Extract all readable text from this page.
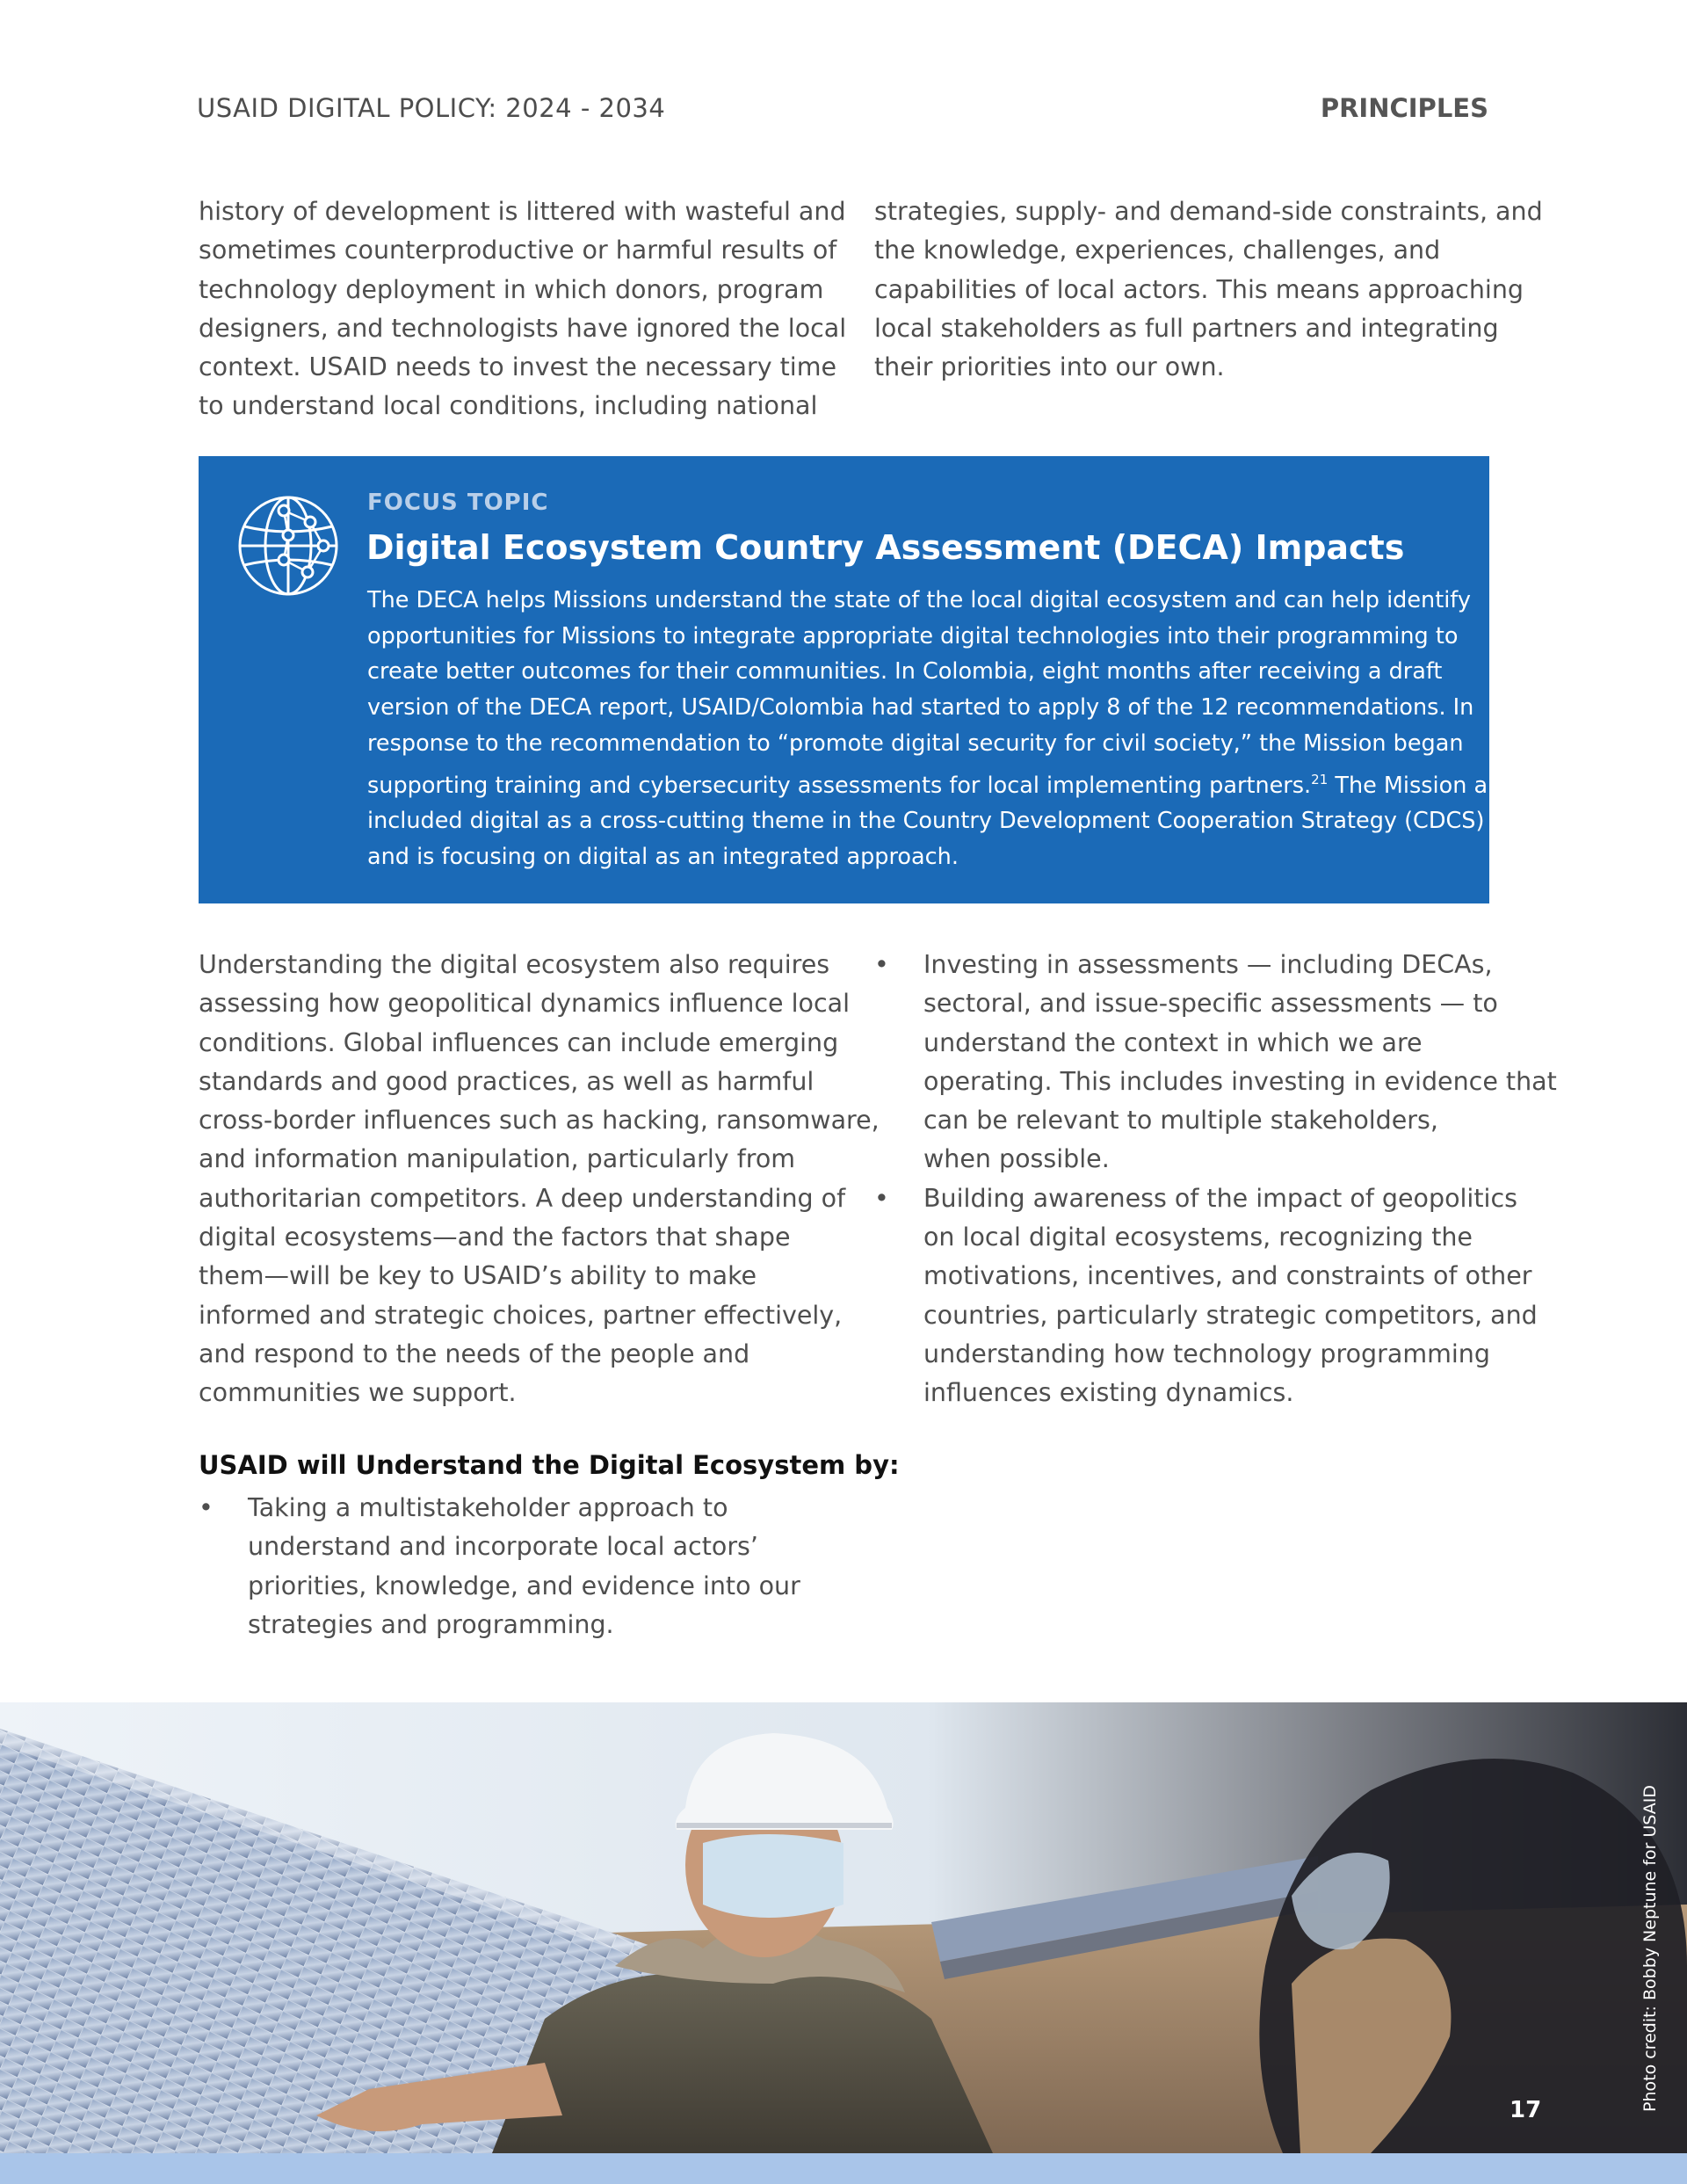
USAID DIGITAL POLICY: 2024 - 2034	PRINCIPLES

history of development is littered with wasteful and
sometimes counterproductive or harmful results of
technology deployment in which donors, program
designers, and technologists have ignored the local
context. USAID needs to invest the necessary time
to understand local conditions, including national

strategies, supply- and demand-side constraints, and
the knowledge, experiences, challenges, and
capabilities of local actors. This means approaching
local stakeholders as full partners and integrating
their priorities into our own.

FOCUS TOPIC
Digital Ecosystem Country Assessment (DECA) Impacts
The DECA helps Missions understand the state of the local digital ecosystem and can help identify
opportunities for Missions to integrate appropriate digital technologies into their programming to
create better outcomes for their communities. In Colombia, eight months after receiving a draft
version of the DECA report, USAID/Colombia had started to apply 8 of the 12 recommendations. In
response to the recommendation to “promote digital security for civil society,” the Mission began
supporting training and cybersecurity assessments for local implementing partners.$^{21}$ The Mission also
included digital as a cross-cutting theme in the Country Development Cooperation Strategy (CDCS)
and is focusing on digital as an integrated approach.

Understanding the digital ecosystem also requires
assessing how geopolitical dynamics influence local
conditions. Global influences can include emerging
standards and good practices, as well as harmful
cross-border influences such as hacking, ransomware,
and information manipulation, particularly from
authoritarian competitors. A deep understanding of
digital ecosystems—and the factors that shape
them—will be key to USAID’s ability to make
informed and strategic choices, partner effectively,
and respond to the needs of the people and
communities we support.

USAID will Understand the Digital Ecosystem by:
• Taking a multistakeholder approach to
understand and incorporate local actors’
priorities, knowledge, and evidence into our
strategies and programming.
• Investing in assessments — including DECAs,
sectoral, and issue-specific assessments — to
understand the context in which we are
operating. This includes investing in evidence that
can be relevant to multiple stakeholders,
when possible.
• Building awareness of the impact of geopolitics
on local digital ecosystems, recognizing the
motivations, incentives, and constraints of other
countries, particularly strategic competitors, and
understanding how technology programming
influences existing dynamics.
Photo credit: Bobby Neptune for USAID
17
